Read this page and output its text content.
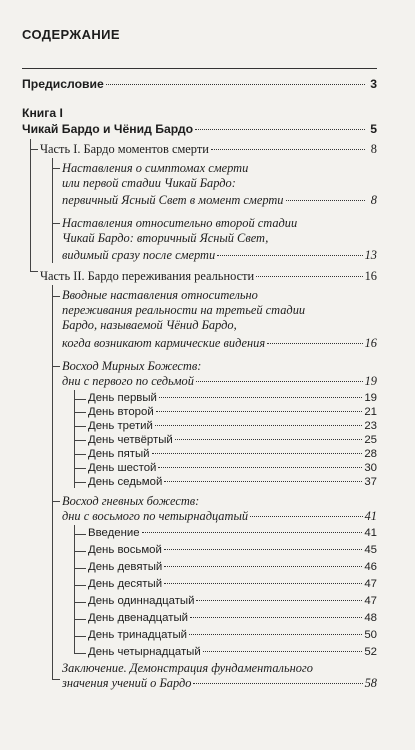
СОДЕРЖАНИЕ
Предисловие	3
Книга I
Чикай Бардо и Чёнид Бардо	5
Часть I. Бардо моментов смерти	8
Наставления о симптомах смерти
или первой стадии Чикай Бардо:
первичный Ясный Свет в момент смерти	8
Наставления относительно второй стадии
Чикай Бардо: вторичный Ясный Свет,
видимый сразу после смерти	13
Часть II. Бардо переживания реальности	16
Вводные наставления относительно
переживания реальности на третьей стадии
Бардо, называемой Чёнид Бардо,
когда возникают кармические видения	16
Восход Мирных Божеств:
дни с первого по седьмой	19
День первый	19
День второй	21
День третий	23
День четвёртый	25
День пятый	28
День шестой	30
День седьмой	37
Восход гневных божеств:
дни с восьмого по четырнадцатый	41
Введение	41
День восьмой	45
День девятый	46
День десятый	47
День одиннадцатый	47
День двенадцатый	48
День тринадцатый	50
День четырнадцатый	52
Заключение. Демонстрация фундаментального
значения учений о Бардо	58
